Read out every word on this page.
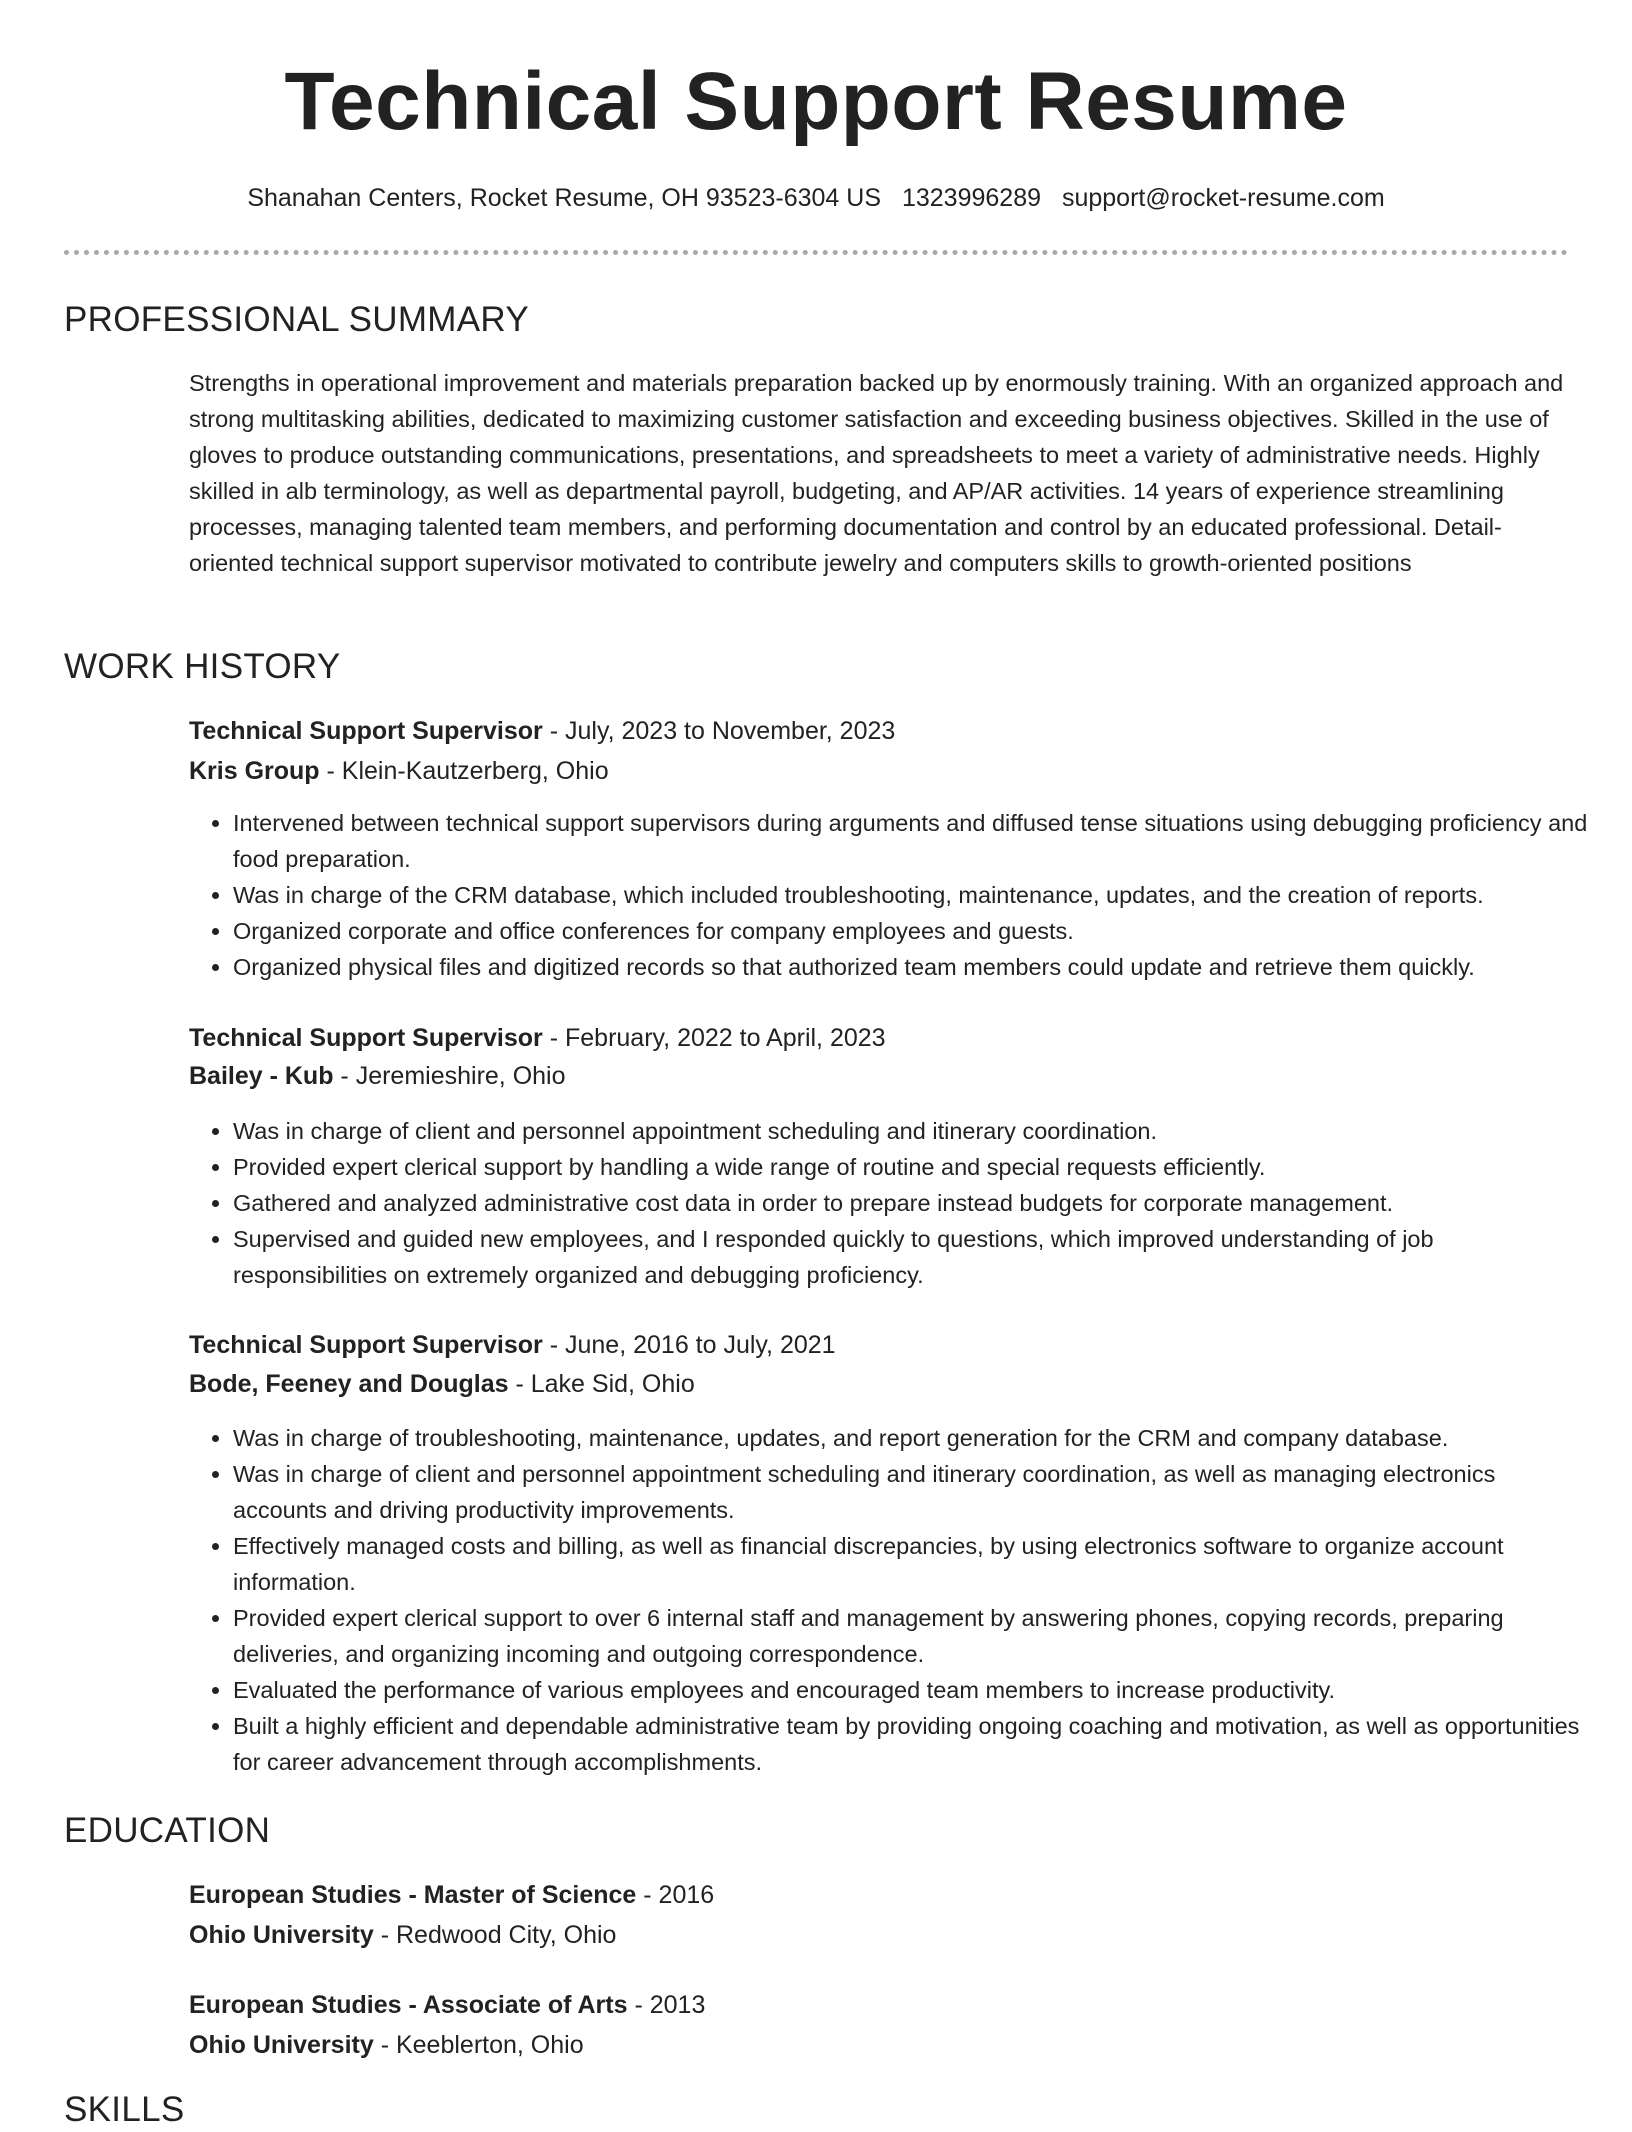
Technical Support Resume
Shanahan Centers, Rocket Resume, OH 93523-6304 US 1323996289 support@rocket-resume.com
PROFESSIONAL SUMMARY

Strengths in operational improvement and materials preparation backed up by enormously training. With an organized approach and strong multitasking abilities, dedicated to maximizing customer satisfaction and exceeding business objectives. Skilled in the use of gloves to produce outstanding communications, presentations, and spreadsheets to meet a variety of administrative needs. Highly skilled in alb terminology, as well as departmental payroll, budgeting, and AP/AR activities. 14 years of experience streamlining processes, managing talented team members, and performing documentation and control by an educated professional. Detail-oriented technical support supervisor motivated to contribute jewelry and computers skills to growth-oriented positions

WORK HISTORY
Technical Support Supervisor - July, 2023 to November, 2023
Kris Group - Klein-Kautzerberg, Ohio
• Intervened between technical support supervisors during arguments and diffused tense situations using debugging proficiency and food preparation.
• Was in charge of the CRM database, which included troubleshooting, maintenance, updates, and the creation of reports.
• Organized corporate and office conferences for company employees and guests.
• Organized physical files and digitized records so that authorized team members could update and retrieve them quickly.
Technical Support Supervisor - February, 2022 to April, 2023
Bailey - Kub - Jeremieshire, Ohio
• Was in charge of client and personnel appointment scheduling and itinerary coordination.
• Provided expert clerical support by handling a wide range of routine and special requests efficiently.
• Gathered and analyzed administrative cost data in order to prepare instead budgets for corporate management.
• Supervised and guided new employees, and I responded quickly to questions, which improved understanding of job responsibilities on extremely organized and debugging proficiency.
Technical Support Supervisor - June, 2016 to July, 2021
Bode, Feeney and Douglas - Lake Sid, Ohio
• Was in charge of troubleshooting, maintenance, updates, and report generation for the CRM and company database.
• Was in charge of client and personnel appointment scheduling and itinerary coordination, as well as managing electronics accounts and driving productivity improvements.
• Effectively managed costs and billing, as well as financial discrepancies, by using electronics software to organize account information.
• Provided expert clerical support to over 6 internal staff and management by answering phones, copying records, preparing deliveries, and organizing incoming and outgoing correspondence.
• Evaluated the performance of various employees and encouraged team members to increase productivity.
• Built a highly efficient and dependable administrative team by providing ongoing coaching and motivation, as well as opportunities for career advancement through accomplishments.
EDUCATION
European Studies - Master of Science - 2016
Ohio University - Redwood City, Ohio
European Studies - Associate of Arts - 2013
Ohio University - Keeblerton, Ohio
SKILLS
